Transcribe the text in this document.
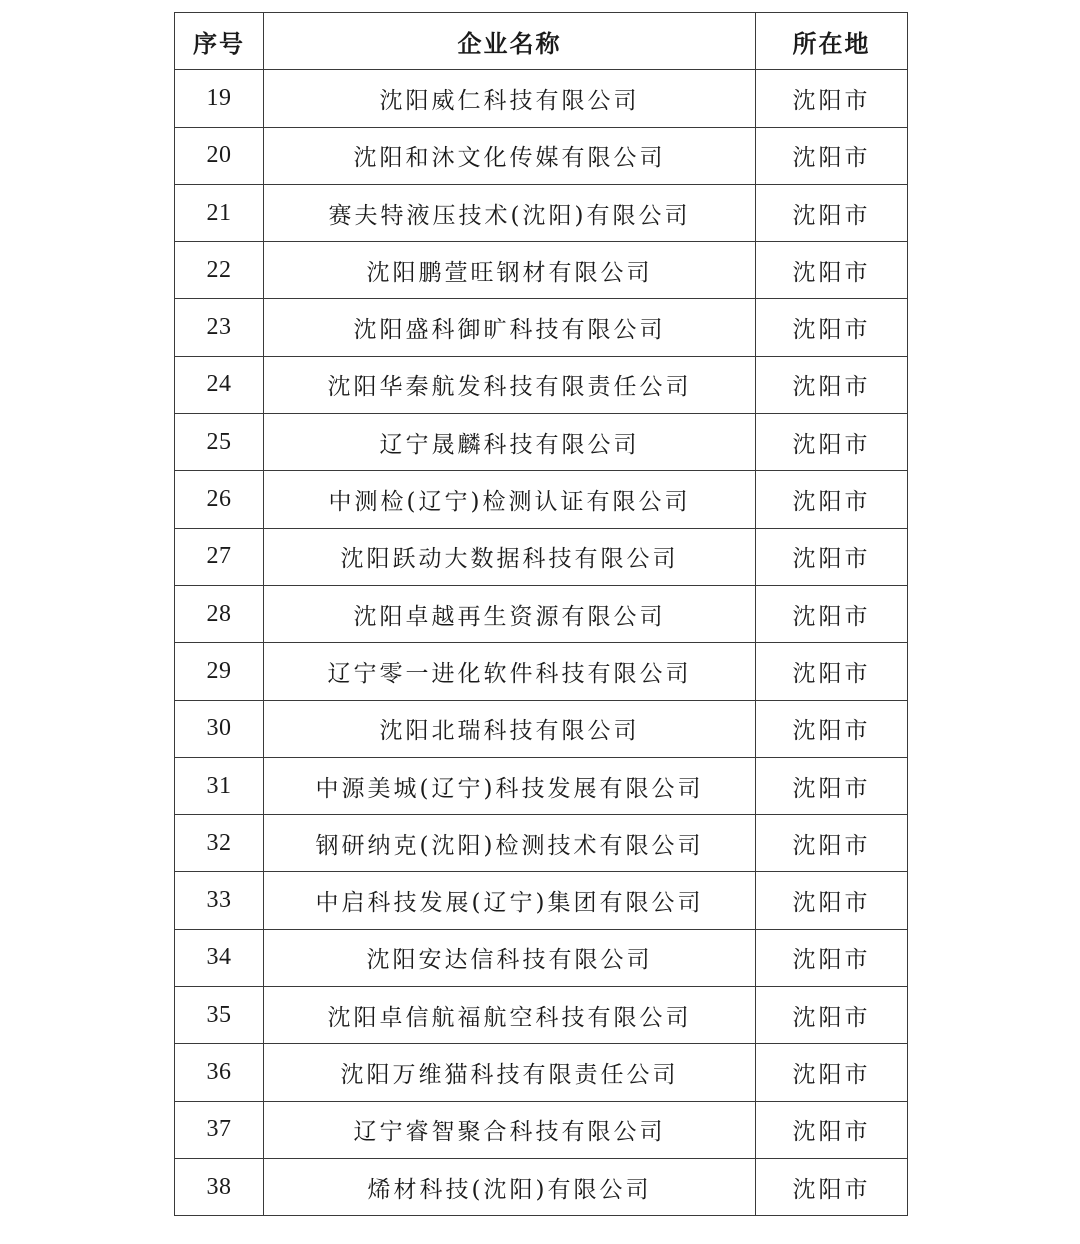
序号	企业名称	所在地
19	沈阳威仁科技有限公司	沈阳市
20	沈阳和沐文化传媒有限公司	沈阳市
21	赛夫特液压技术(沈阳)有限公司	沈阳市
22	沈阳鹏萱旺钢材有限公司	沈阳市
23	沈阳盛科御旷科技有限公司	沈阳市
24	沈阳华秦航发科技有限责任公司	沈阳市
25	辽宁晟麟科技有限公司	沈阳市
26	中测检(辽宁)检测认证有限公司	沈阳市
27	沈阳跃动大数据科技有限公司	沈阳市
28	沈阳卓越再生资源有限公司	沈阳市
29	辽宁零一进化软件科技有限公司	沈阳市
30	沈阳北瑞科技有限公司	沈阳市
31	中源美城(辽宁)科技发展有限公司	沈阳市
32	钢研纳克(沈阳)检测技术有限公司	沈阳市
33	中启科技发展(辽宁)集团有限公司	沈阳市
34	沈阳安达信科技有限公司	沈阳市
35	沈阳卓信航福航空科技有限公司	沈阳市
36	沈阳万维猫科技有限责任公司	沈阳市
37	辽宁睿智聚合科技有限公司	沈阳市
38	烯材科技(沈阳)有限公司	沈阳市
